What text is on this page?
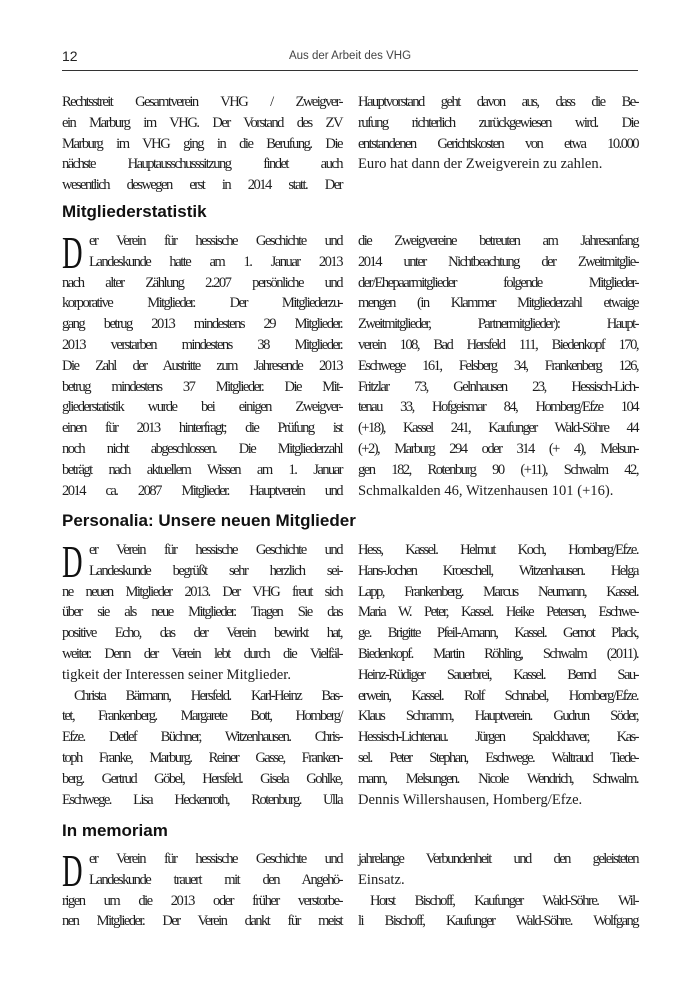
12	Aus der Arbeit des VHG
Rechtsstreit Gesamtverein VHG / Zweigver-
ein Marburg im VHG. Der Vorstand des ZV
Marburg im VHG ging in die Berufung. Die
nächste Hauptausschusssitzung findet auch
wesentlich deswegen erst in 2014 statt. Der
Hauptvorstand geht davon aus, dass die Be-
rufung richterlich zurückgewiesen wird. Die
entstandenen Gerichtskosten von etwa 10.000
Euro hat dann der Zweigverein zu zahlen.
Mitgliederstatistik
D er Verein für hessische Geschichte und
Landeskunde hatte am 1. Januar 2013
nach alter Zählung 2.207 persönliche und
korporative Mitglieder. Der Mitgliederzu-
gang betrug 2013 mindestens 29 Mitglieder.
2013 verstarben mindestens 38 Mitglieder.
Die Zahl der Austritte zum Jahresende 2013
betrug mindestens 37 Mitglieder. Die Mit-
gliederstatistik wurde bei einigen Zweigver-
einen für 2013 hinterfragt; die Prüfung ist
noch nicht abgeschlossen. Die Mitgliederzahl
beträgt nach aktuellem Wissen am 1. Januar
2014 ca. 2087 Mitglieder. Hauptverein und
die Zweigvereine betreuten am Jahresanfang
2014 unter Nichtbeachtung der Zweitmitglie-
der/Ehepaarmitglieder folgende Mitglieder-
mengen (in Klammer Mitgliederzahl etwaige
Zweitmitglieder, Partnermitglieder): Haupt-
verein 108, Bad Hersfeld 111, Biedenkopf 170,
Eschwege 161, Felsberg 34, Frankenberg 126,
Fritzlar 73, Gelnhausen 23, Hessisch-Lich-
tenau 33, Hofgeismar 84, Homberg/Efze 104
(+18), Kassel 241, Kaufunger Wald-Söhre 44
(+2), Marburg 294 oder 314 (+ 4), Melsun-
gen 182, Rotenburg 90 (+11), Schwalm 42,
Schmalkalden 46, Witzenhausen 101 (+16).
Personalia: Unsere neuen Mitglieder
D er Verein für hessische Geschichte und
Landeskunde begrüßt sehr herzlich sei-
ne neuen Mitglieder 2013. Der VHG freut sich
über sie als neue Mitglieder. Tragen Sie das
positive Echo, das der Verein bewirkt hat,
weiter. Denn der Verein lebt durch die Vielfäl-
tigkeit der Interessen seiner Mitglieder.
Christa Bärmann, Hersfeld. Karl-Heinz Bas-
tet, Frankenberg. Margarete Bott, Homberg/
Efze. Detlef Büchner, Witzenhausen. Chris-
toph Franke, Marburg. Reiner Gasse, Franken-
berg. Gertrud Göbel, Hersfeld. Gisela Gohlke,
Eschwege. Lisa Heckenroth, Rotenburg. Ulla
Hess, Kassel. Helmut Koch, Homberg/Efze.
Hans-Jochen Kroeschell, Witzenhausen. Helga
Lapp, Frankenberg. Marcus Neumann, Kassel.
Maria W. Peter, Kassel. Heike Petersen, Eschwe-
ge. Brigitte Pfeil-Amann, Kassel. Gernot Plack,
Biedenkopf. Martin Röhling, Schwalm (2011).
Heinz-Rüdiger Sauerbrei, Kassel. Bernd Sau-
erwein, Kassel. Rolf Schnabel, Homberg/Efze.
Klaus Schramm, Hauptverein. Gudrun Söder,
Hessisch-Lichtenau. Jürgen Spalckhaver, Kas-
sel. Peter Stephan, Eschwege. Waltraud Tiede-
mann, Melsungen. Nicole Wendrich, Schwalm.
Dennis Willershausen, Homberg/Efze.
In memoriam
D er Verein für hessische Geschichte und
Landeskunde trauert mit den Angehö-
rigen um die 2013 oder früher verstorbe-
nen Mitglieder. Der Verein dankt für meist
jahrelange Verbundenheit und den geleisteten
Einsatz.
Horst Bischoff, Kaufunger Wald-Söhre. Wil-
li Bischoff, Kaufunger Wald-Söhre. Wolfgang
